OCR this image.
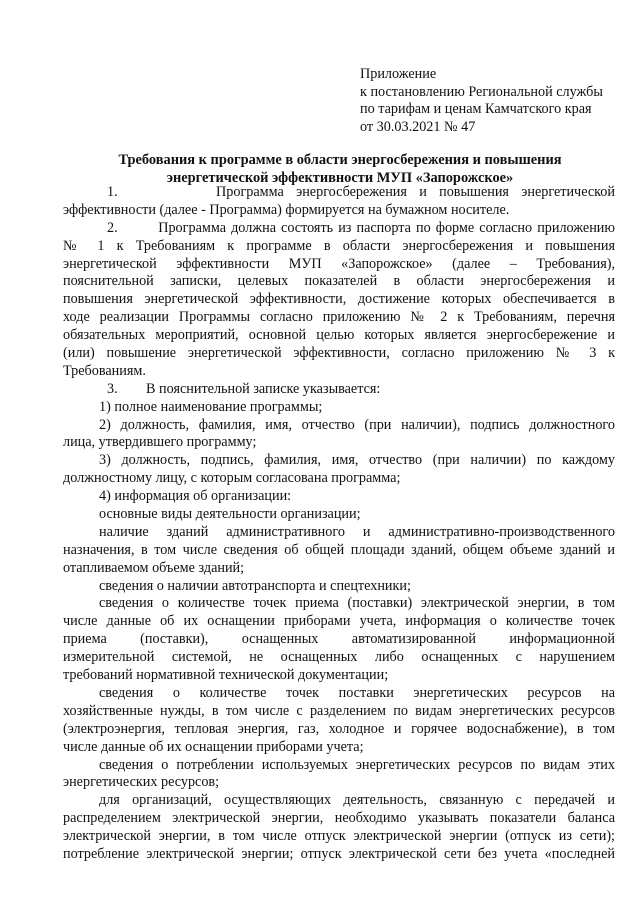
Приложение
к постановлению Региональной службы
по тарифам и ценам Камчатского края
от 30.03.2021 № 47
Требования к программе в области энергосбережения и повышения
энергетической эффективности МУП «Запорожское»
1.        Программа энергосбережения и повышения энергетической
эффективности (далее - Программа) формируется на бумажном носителе.
2.        Программа должна состоять из паспорта по форме согласно приложению
№ 1 к Требованиям к программе в области энергосбережения и повышения
энергетической эффективности МУП «Запорожское» (далее – Требования),
пояснительной записки, целевых показателей в области энергосбережения и
повышения энергетической эффективности, достижение которых обеспечивается в
ходе реализации Программы согласно приложению № 2 к Требованиям, перечня
обязательных мероприятий, основной целью которых является энергосбережение и
(или) повышение энергетической эффективности, согласно приложению № 3 к
Требованиям.
3.        В пояснительной записке указывается:
1) полное наименование программы;
2) должность, фамилия, имя, отчество (при наличии), подпись должностного
лица, утвердившего программу;
3) должность, подпись, фамилия, имя, отчество (при наличии) по каждому
должностному лицу, с которым согласована программа;
4) информация об организации:
основные виды деятельности организации;
наличие зданий административного и административно-производственного
назначения, в том числе сведения об общей площади зданий, общем объеме зданий и
отапливаемом объеме зданий;
сведения о наличии автотранспорта и спецтехники;
сведения о количестве точек приема (поставки) электрической энергии, в том
числе данные об их оснащении приборами учета, информация о количестве точек
приема (поставки), оснащенных автоматизированной информационной
измерительной системой, не оснащенных либо оснащенных с нарушением
требований нормативной технической документации;
сведения о количестве точек поставки энергетических ресурсов на
хозяйственные нужды, в том числе с разделением по видам энергетических ресурсов
(электроэнергия, тепловая энергия, газ, холодное и горячее водоснабжение), в том
числе данные об их оснащении приборами учета;
сведения о потреблении используемых энергетических ресурсов по видам этих
энергетических ресурсов;
для организаций, осуществляющих деятельность, связанную с передачей и
распределением электрической энергии, необходимо указывать показатели баланса
электрической энергии, в том числе отпуск электрической энергии (отпуск из сети);
потребление электрической энергии; отпуск электрической сети без учета «последней
